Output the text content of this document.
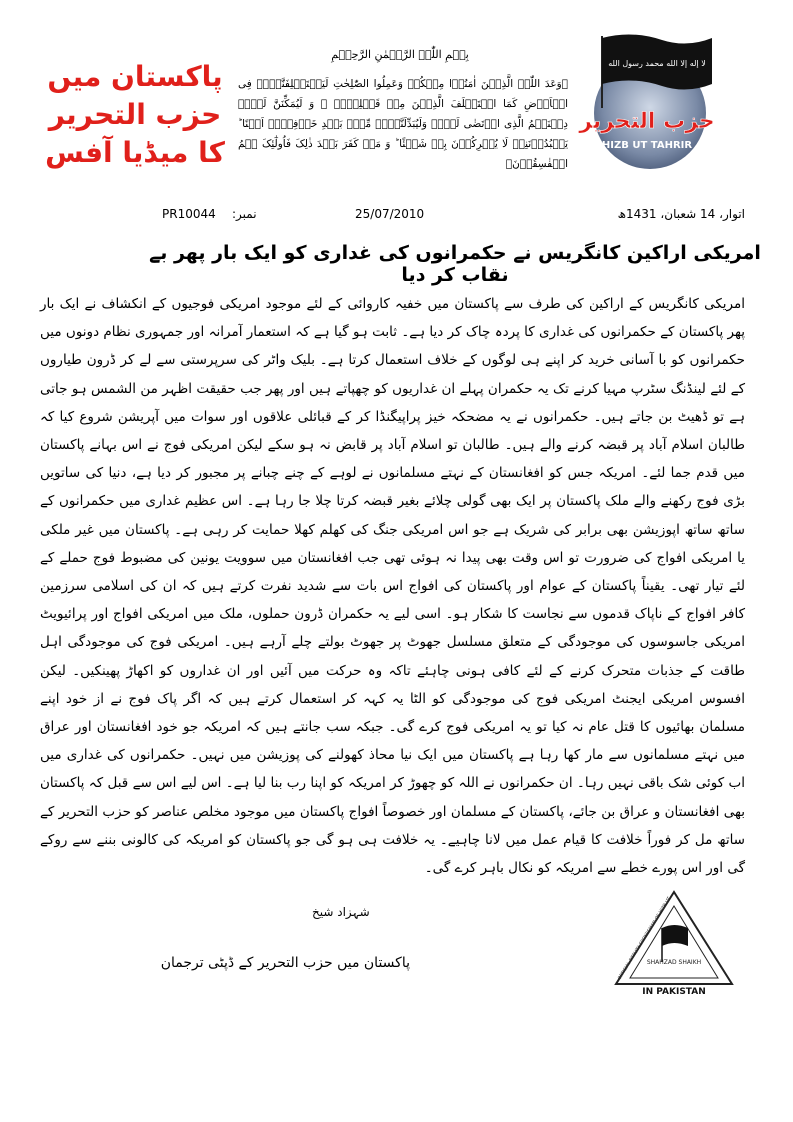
لا إله إلا الله محمد رسول الله
حزب التحرير
HIZB UT TAHRIR
پاکستان میں
حزب التحریر
کا میڈیا آفس
بِسۡمِ اللّٰہِ الرَّحۡمٰنِ الرَّحِیۡمِ
﴿وَعَدَ اللّٰہُ الَّذِیۡنَ اٰمَنُوۡا مِنۡکُمۡ وَعَمِلُوا الصّٰلِحٰتِ لَیَسۡتَخۡلِفَنَّہُمۡ فِی الۡاَرۡضِ کَمَا اسۡتَخۡلَفَ الَّذِیۡنَ مِنۡ قَبۡلِہِمۡ ۪ وَ لَیُمَکِّنَنَّ لَہُمۡ دِیۡنَہُمُ الَّذِی ارۡتَضٰی لَہُمۡ وَلَیُبَدِّلَنَّہُمۡ مِّنۡۢ بَعۡدِ خَوۡفِہِمۡ اَمۡنًا ؕ یَعۡبُدُوۡنَنِیۡ لَا یُشۡرِکُوۡنَ بِیۡ شَیۡئًا ؕ وَ مَنۡ کَفَرَ بَعۡدَ ذٰلِکَ فَاُولٰٓئِکَ ہُمُ الۡفٰسِقُوۡنَ﴾
اتوار، 14 شعبان، 1431ھ
25/07/2010
نمبر:
PR10044
امریکی اراکین کانگریس نے حکمرانوں کی غداری کو ایک بار پھر بے نقاب کر دیا
امریکی کانگریس کے اراکین کی طرف سے پاکستان میں خفیہ کاروائی کے لئے موجود امریکی فوجیوں کے انکشاف نے ایک بار پھر پاکستان کے حکمرانوں کی غداری کا پردہ چاک کر دیا ہے۔ ثابت ہو گیا ہے کہ استعمار آمرانہ اور جمہوری نظام دونوں میں حکمرانوں کو با آسانی خرید کر اپنے ہی لوگوں کے خلاف استعمال کرتا ہے۔ بلیک واٹر کی سرپرستی سے لے کر ڈرون طیاروں کے لئے لینڈنگ سٹرپ مہیا کرنے تک یہ حکمران پہلے ان غداریوں کو چھپاتے ہیں اور پھر جب حقیقت اظہر من الشمس ہو جاتی ہے تو ڈھیٹ بن جاتے ہیں۔ حکمرانوں نے یہ مضحکہ خیز پراپیگنڈا کر کے قبائلی علاقوں اور سوات میں آپریشن شروع کیا کہ طالبان اسلام آباد پر قبضہ کرنے والے ہیں۔ طالبان تو اسلام آباد پر قابض نہ ہو سکے لیکن امریکی فوج نے اس بہانے پاکستان میں قدم جما لئے۔ امریکہ جس کو افغانستان کے نہتے مسلمانوں نے لوہے کے چنے چبانے پر مجبور کر دیا ہے، دنیا کی ساتویں بڑی فوج رکھنے والے ملک پاکستان پر ایک بھی گولی چلائے بغیر قبضہ کرتا چلا جا رہا ہے۔ اس عظیم غداری میں حکمرانوں کے ساتھ ساتھ اپوزیشن بھی برابر کی شریک ہے جو اس امریکی جنگ کی کھلم کھلا حمایت کر رہی ہے۔ پاکستان میں غیر ملکی یا امریکی افواج کی ضرورت تو اس وقت بھی پیدا نہ ہوئی تھی جب افغانستان میں سوویت یونین کی مضبوط فوج حملے کے لئے تیار تھی۔ یقیناً پاکستان کے عوام اور پاکستان کی افواج اس بات سے شدید نفرت کرتے ہیں کہ ان کی اسلامی سرزمین کافر افواج کے ناپاک قدموں سے نجاست کا شکار ہو۔ اسی لیے یہ حکمران ڈرون حملوں، ملک میں امریکی افواج اور پرائیویٹ امریکی جاسوسوں کی موجودگی کے متعلق مسلسل جھوٹ پر جھوٹ بولتے چلے آرہے ہیں۔ امریکی فوج کی موجودگی اہل طاقت کے جذبات متحرک کرنے کے لئے کافی ہونی چاہئے تاکہ وہ حرکت میں آئیں اور ان غداروں کو اکھاڑ پھینکیں۔ لیکن افسوس امریکی ایجنٹ امریکی فوج کی موجودگی کو الٹا یہ کہہ کر استعمال کرتے ہیں کہ اگر پاک فوج نے از خود اپنے مسلمان بھائیوں کا قتل عام نہ کیا تو یہ امریکی فوج کرے گی۔ جبکہ سب جانتے ہیں کہ امریکہ جو خود افغانستان اور عراق میں نہتے مسلمانوں سے مار کھا رہا ہے پاکستان میں ایک نیا محاذ کھولنے کی پوزیشن میں نہیں۔ حکمرانوں کی غداری میں اب کوئی شک باقی نہیں رہا۔ ان حکمرانوں نے اللہ کو چھوڑ کر امریکہ کو اپنا رب بنا لیا ہے۔ اس لیے اس سے قبل کہ پاکستان بھی افغانستان و عراق بن جائے، پاکستان کے مسلمان اور خصوصاً افواج پاکستان میں موجود مخلص عناصر کو حزب التحریر کے ساتھ مل کر فوراً خلافت کا قیام عمل میں لانا چاہیے۔ یہ خلافت ہی ہو گی جو پاکستان کو امریکہ کی کالونی بننے سے روکے گی اور اس پورے خطے سے امریکہ کو نکال باہر کرے گی۔
شہزاد شیخ
پاکستان میں حزب التحریر کے ڈپٹی ترجمان	SHAHZAD SHAIKH
IN PAKISTAN
OFFICIAL DEPUTY SPOKESMAN OF HIZB UT
